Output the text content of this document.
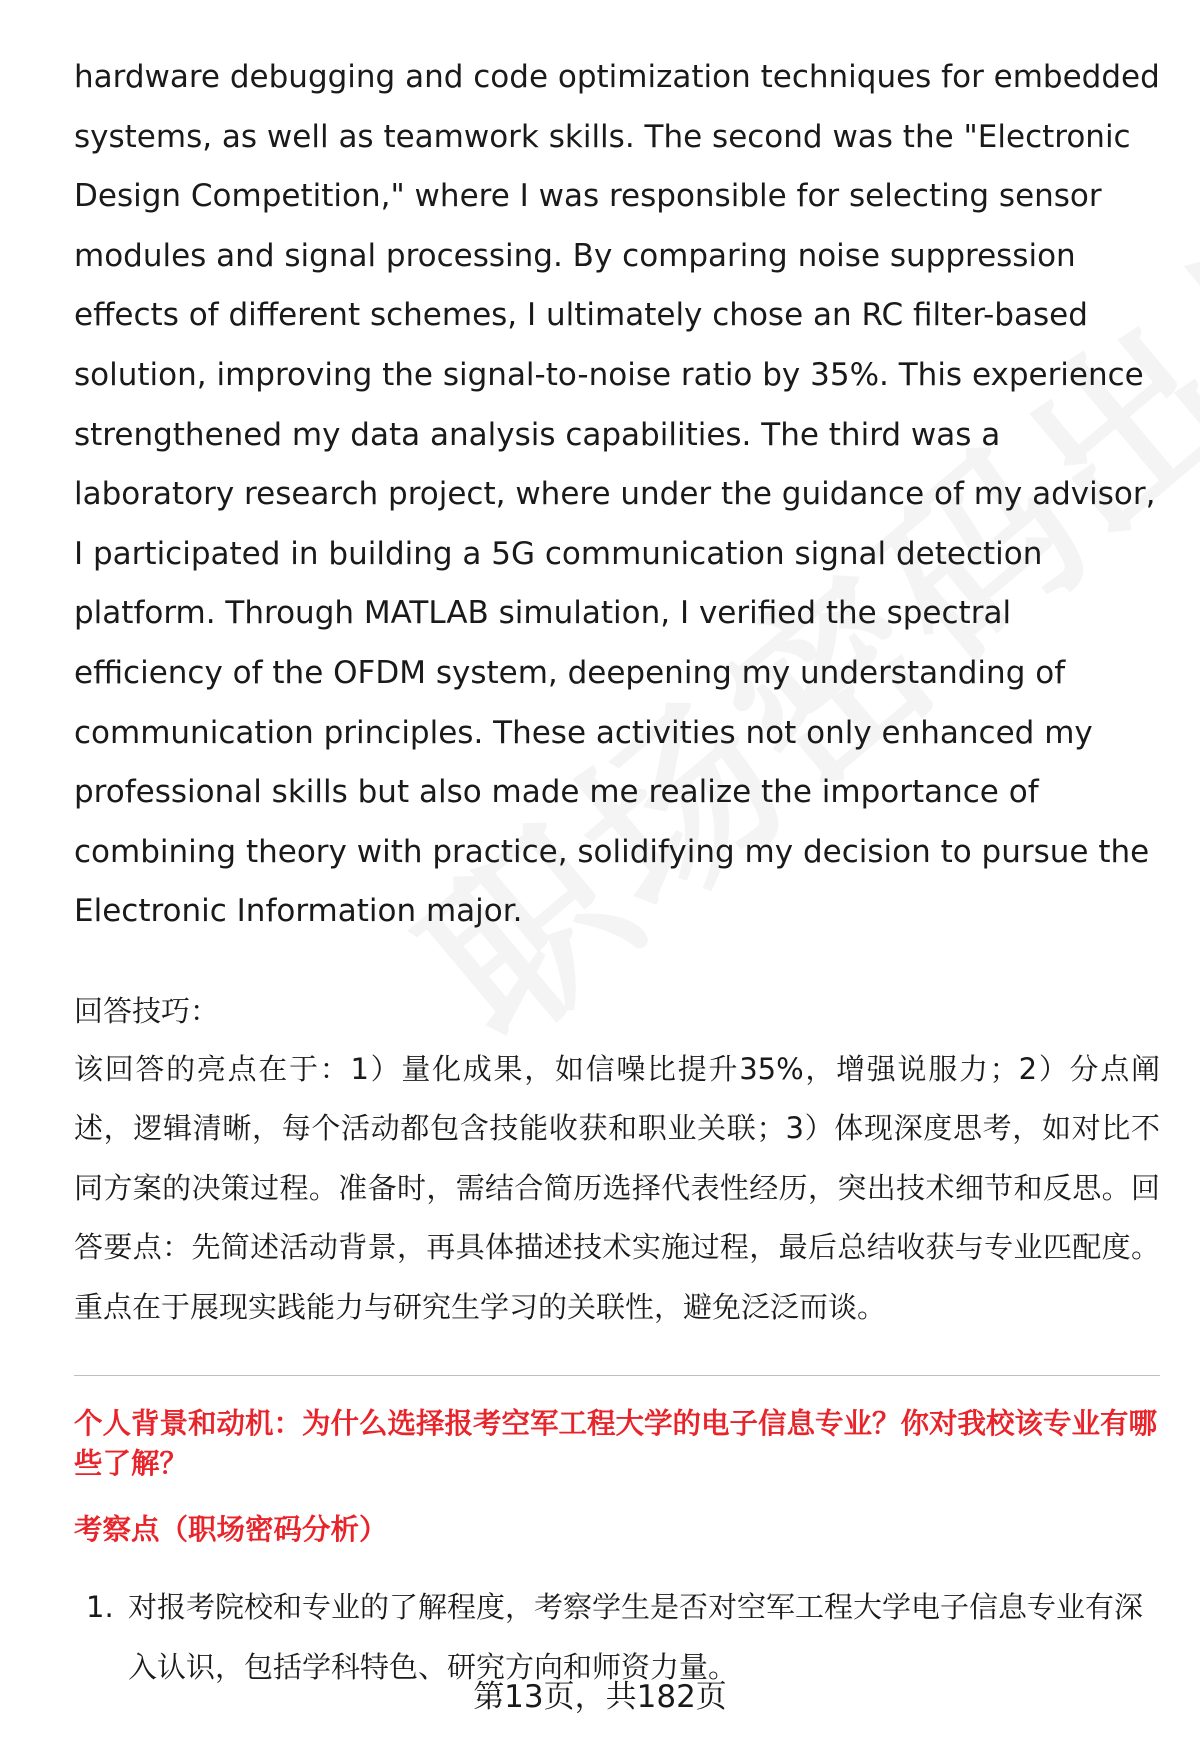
hardware debugging and code optimization techniques for embedded systems, as well as teamwork skills. The second was the "Electronic Design Competition," where I was responsible for selecting sensor modules and signal processing. By comparing noise suppression effects of different schemes, I ultimately chose an RC filter-based solution, improving the signal-to-noise ratio by 35%. This experience strengthened my data analysis capabilities. The third was a laboratory research project, where under the guidance of my advisor, I participated in building a 5G communication signal detection platform. Through MATLAB simulation, I verified the spectral efficiency of the OFDM system, deepening my understanding of communication principles. These activities not only enhanced my professional skills but also made me realize the importance of combining theory with practice, solidifying my decision to pursue the Electronic Information major.

回答技巧：

该回答的亮点在于：1）量化成果，如信噪比提升35%，增强说服力；2）分点阐述，逻辑清晰，每个活动都包含技能收获和职业关联；3）体现深度思考，如对比不同方案的决策过程。准备时，需结合简历选择代表性经历，突出技术细节和反思。回答要点：先简述活动背景，再具体描述技术实施过程，最后总结收获与专业匹配度。重点在于展现实践能力与研究生学习的关联性，避免泛泛而谈。

个人背景和动机：为什么选择报考空军工程大学的电子信息专业？你对我校该专业有哪些了解？

考察点（职场密码分析）

1. 对报考院校和专业的了解程度，考察学生是否对空军工程大学电子信息专业有深入认识，包括学科特色、研究方向和师资力量。
第13页，共182页
